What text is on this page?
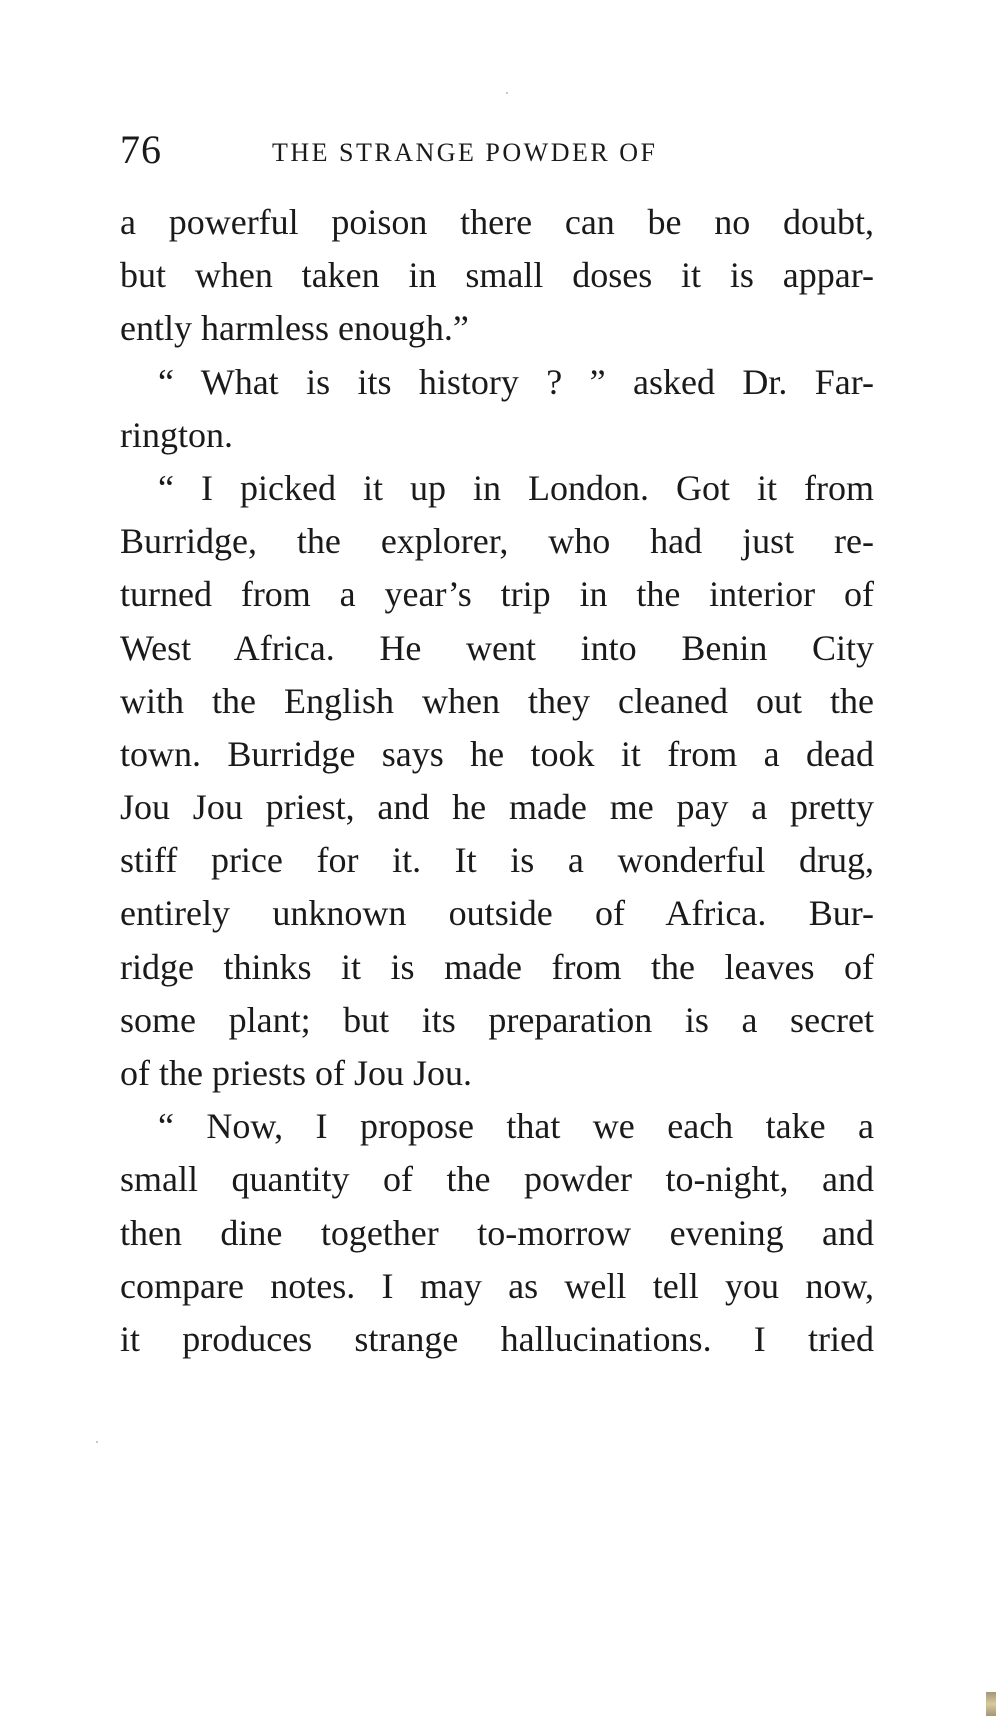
76	THE STRANGE POWDER OF
a powerful poison there can be no doubt,
but when taken in small doses it is appar-
ently harmless enough.”
“ What is its history ? ” asked Dr. Far-
rington.
“ I picked it up in London. Got it from
Burridge, the explorer, who had just re-
turned from a year’s trip in the interior of
West Africa. He went into Benin City
with the English when they cleaned out the
town. Burridge says he took it from a dead
Jou Jou priest, and he made me pay a pretty
stiff price for it. It is a wonderful drug,
entirely unknown outside of Africa. Bur-
ridge thinks it is made from the leaves of
some plant; but its preparation is a secret
of the priests of Jou Jou.
“ Now, I propose that we each take a
small quantity of the powder to-night, and
then dine together to-morrow evening and
compare notes. I may as well tell you now,
it produces strange hallucinations. I tried
